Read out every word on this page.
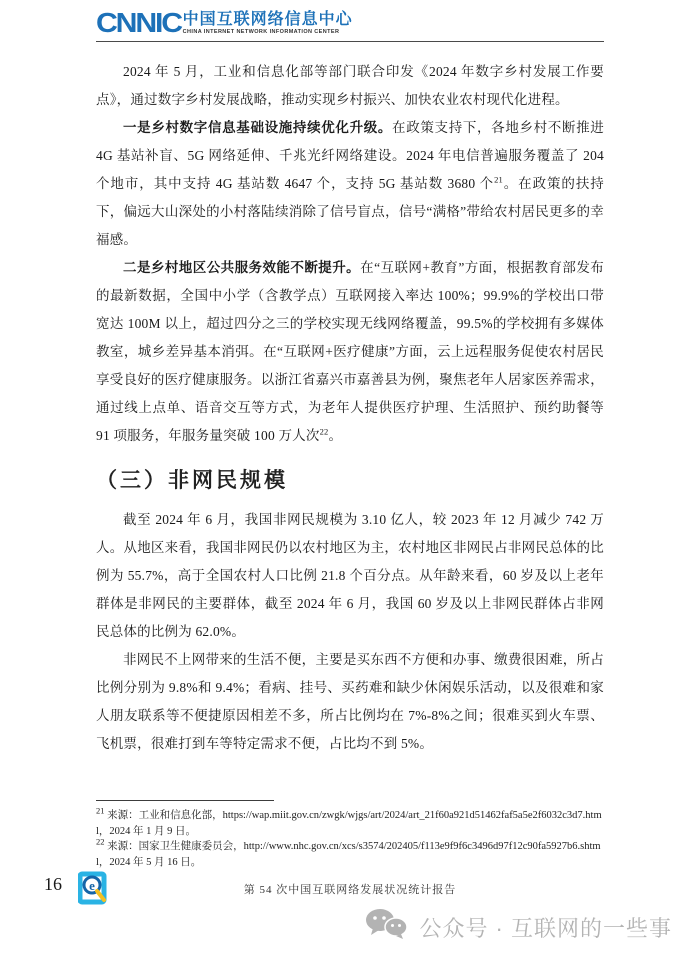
CNNIC 中国互联网络信息中心
CHINA INTERNET NETWORK INFORMATION CENTER

2024 年 5 月，工业和信息化部等部门联合印发《2024 年数字乡村发展工作要点》，通过数字乡村发展战略，推动实现乡村振兴、加快农业农村现代化进程。

一是乡村数字信息基础设施持续优化升级。在政策支持下，各地乡村不断推进 4G 基站补盲、5G 网络延伸、千兆光纤网络建设。2024 年电信普遍服务覆盖了 204 个地市，其中支持 4G 基站数 4647 个，支持 5G 基站数 3680 个$^{21}$。在政策的扶持下，偏远大山深处的小村落陆续消除了信号盲点，信号“满格”带给农村居民更多的幸福感。

二是乡村地区公共服务效能不断提升。在“互联网+教育”方面，根据教育部发布的最新数据，全国中小学（含教学点）互联网接入率达 100%；99.9%的学校出口带宽达 100M 以上，超过四分之三的学校实现无线网络覆盖，99.5%的学校拥有多媒体教室，城乡差异基本消弭。在“互联网+医疗健康”方面，云上远程服务促使农村居民享受良好的医疗健康服务。以浙江省嘉兴市嘉善县为例，聚焦老年人居家医养需求，通过线上点单、语音交互等方式，为老年人提供医疗护理、生活照护、预约助餐等 91 项服务，年服务量突破 100 万人次$^{22}$。

（三）非网民规模

截至 2024 年 6 月，我国非网民规模为 3.10 亿人，较 2023 年 12 月减少 742 万人。从地区来看，我国非网民仍以农村地区为主，农村地区非网民占非网民总体的比例为 55.7%，高于全国农村人口比例 21.8 个百分点。从年龄来看，60 岁及以上老年群体是非网民的主要群体，截至 2024 年 6 月，我国 60 岁及以上非网民群体占非网民总体的比例为 62.0%。

非网民不上网带来的生活不便，主要是买东西不方便和办事、缴费很困难，所占比例分别为 9.8%和 9.4%；看病、挂号、买药难和缺少休闲娱乐活动，以及很难和家人朋友联系等不便捷原因相差不多，所占比例均在 7%-8%之间；很难买到火车票、飞机票，很难打到车等特定需求不便，占比均不到 5%。

$^{21}$ 来源：工业和信息化部，https://wap.miit.gov.cn/zwgk/wjgs/art/2024/art_21f60a921d51462faf5a5e2f6032c3d7.html，2024 年 1 月 9 日。

$^{22}$ 来源：国家卫生健康委员会，http://www.nhc.gov.cn/xcs/s3574/202405/f113e9f9f6c3496d97f12c90fa5927b6.shtml，2024 年 5 月 16 日。

16 e	第 54 次中国互联网络发展状况统计报告
公众号 · 互联网的一些事
